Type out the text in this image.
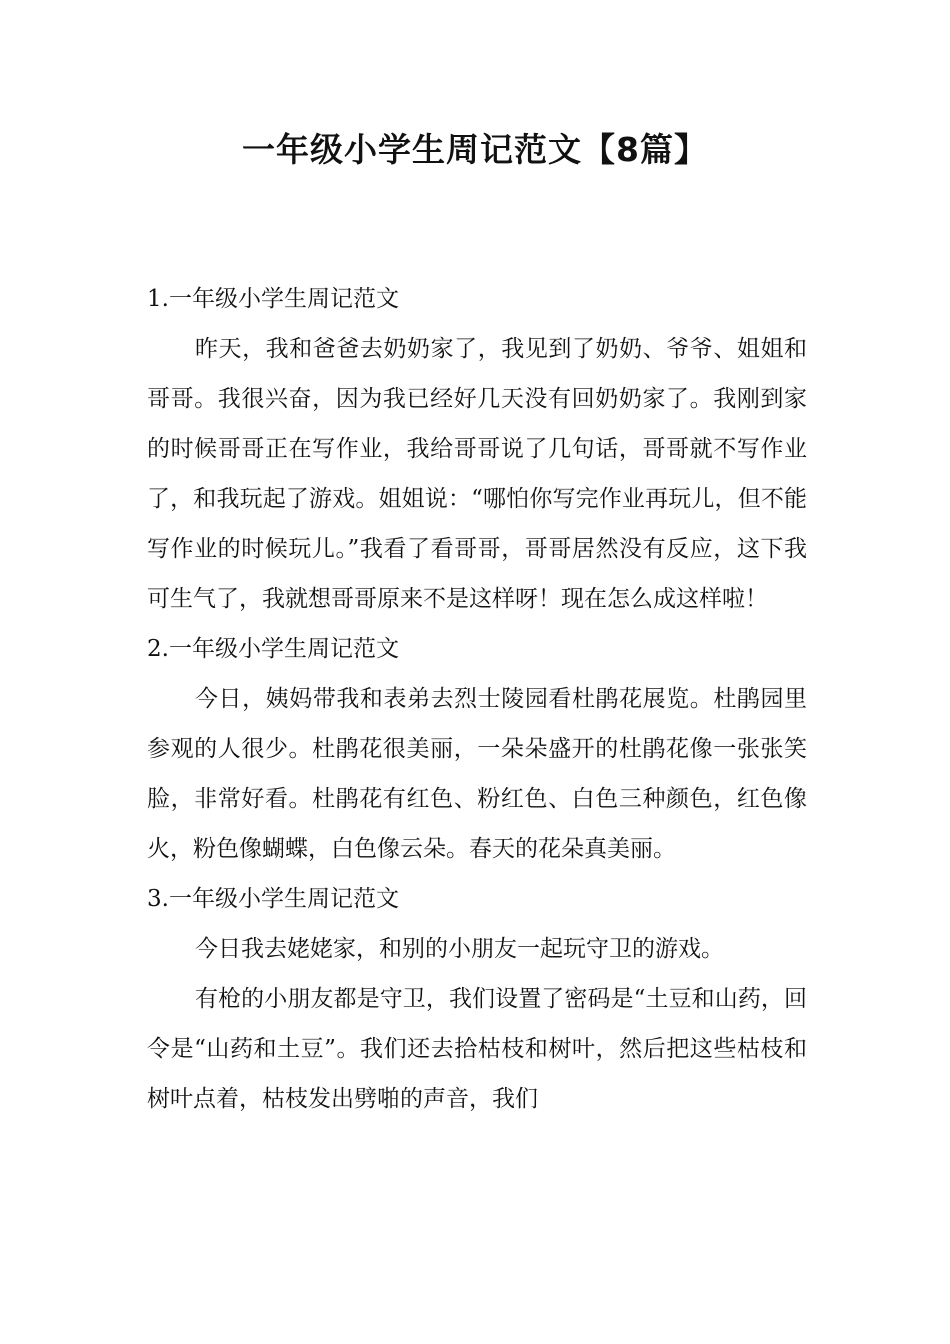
一年级小学生周记范文【8篇】

1.一年级小学生周记范文

昨天，我和爸爸去奶奶家了，我见到了奶奶、爷爷、姐姐和哥哥。我很兴奋，因为我已经好几天没有回奶奶家了。我刚到家的时候哥哥正在写作业，我给哥哥说了几句话，哥哥就不写作业了，和我玩起了游戏。姐姐说：“哪怕你写完作业再玩儿，但不能写作业的时候玩儿。”我看了看哥哥，哥哥居然没有反应，这下我可生气了，我就想哥哥原来不是这样呀！现在怎么成这样啦！

2.一年级小学生周记范文

今日，姨妈带我和表弟去烈士陵园看杜鹃花展览。杜鹃园里参观的人很少。杜鹃花很美丽，一朵朵盛开的杜鹃花像一张张笑脸，非常好看。杜鹃花有红色、粉红色、白色三种颜色，红色像火，粉色像蝴蝶，白色像云朵。春天的花朵真美丽。

3.一年级小学生周记范文

今日我去姥姥家，和别的小朋友一起玩守卫的游戏。

有枪的小朋友都是守卫，我们设置了密码是“土豆和山药，回令是“山药和土豆”。我们还去拾枯枝和树叶，然后把这些枯枝和树叶点着，枯枝发出劈啪的声音，我们
